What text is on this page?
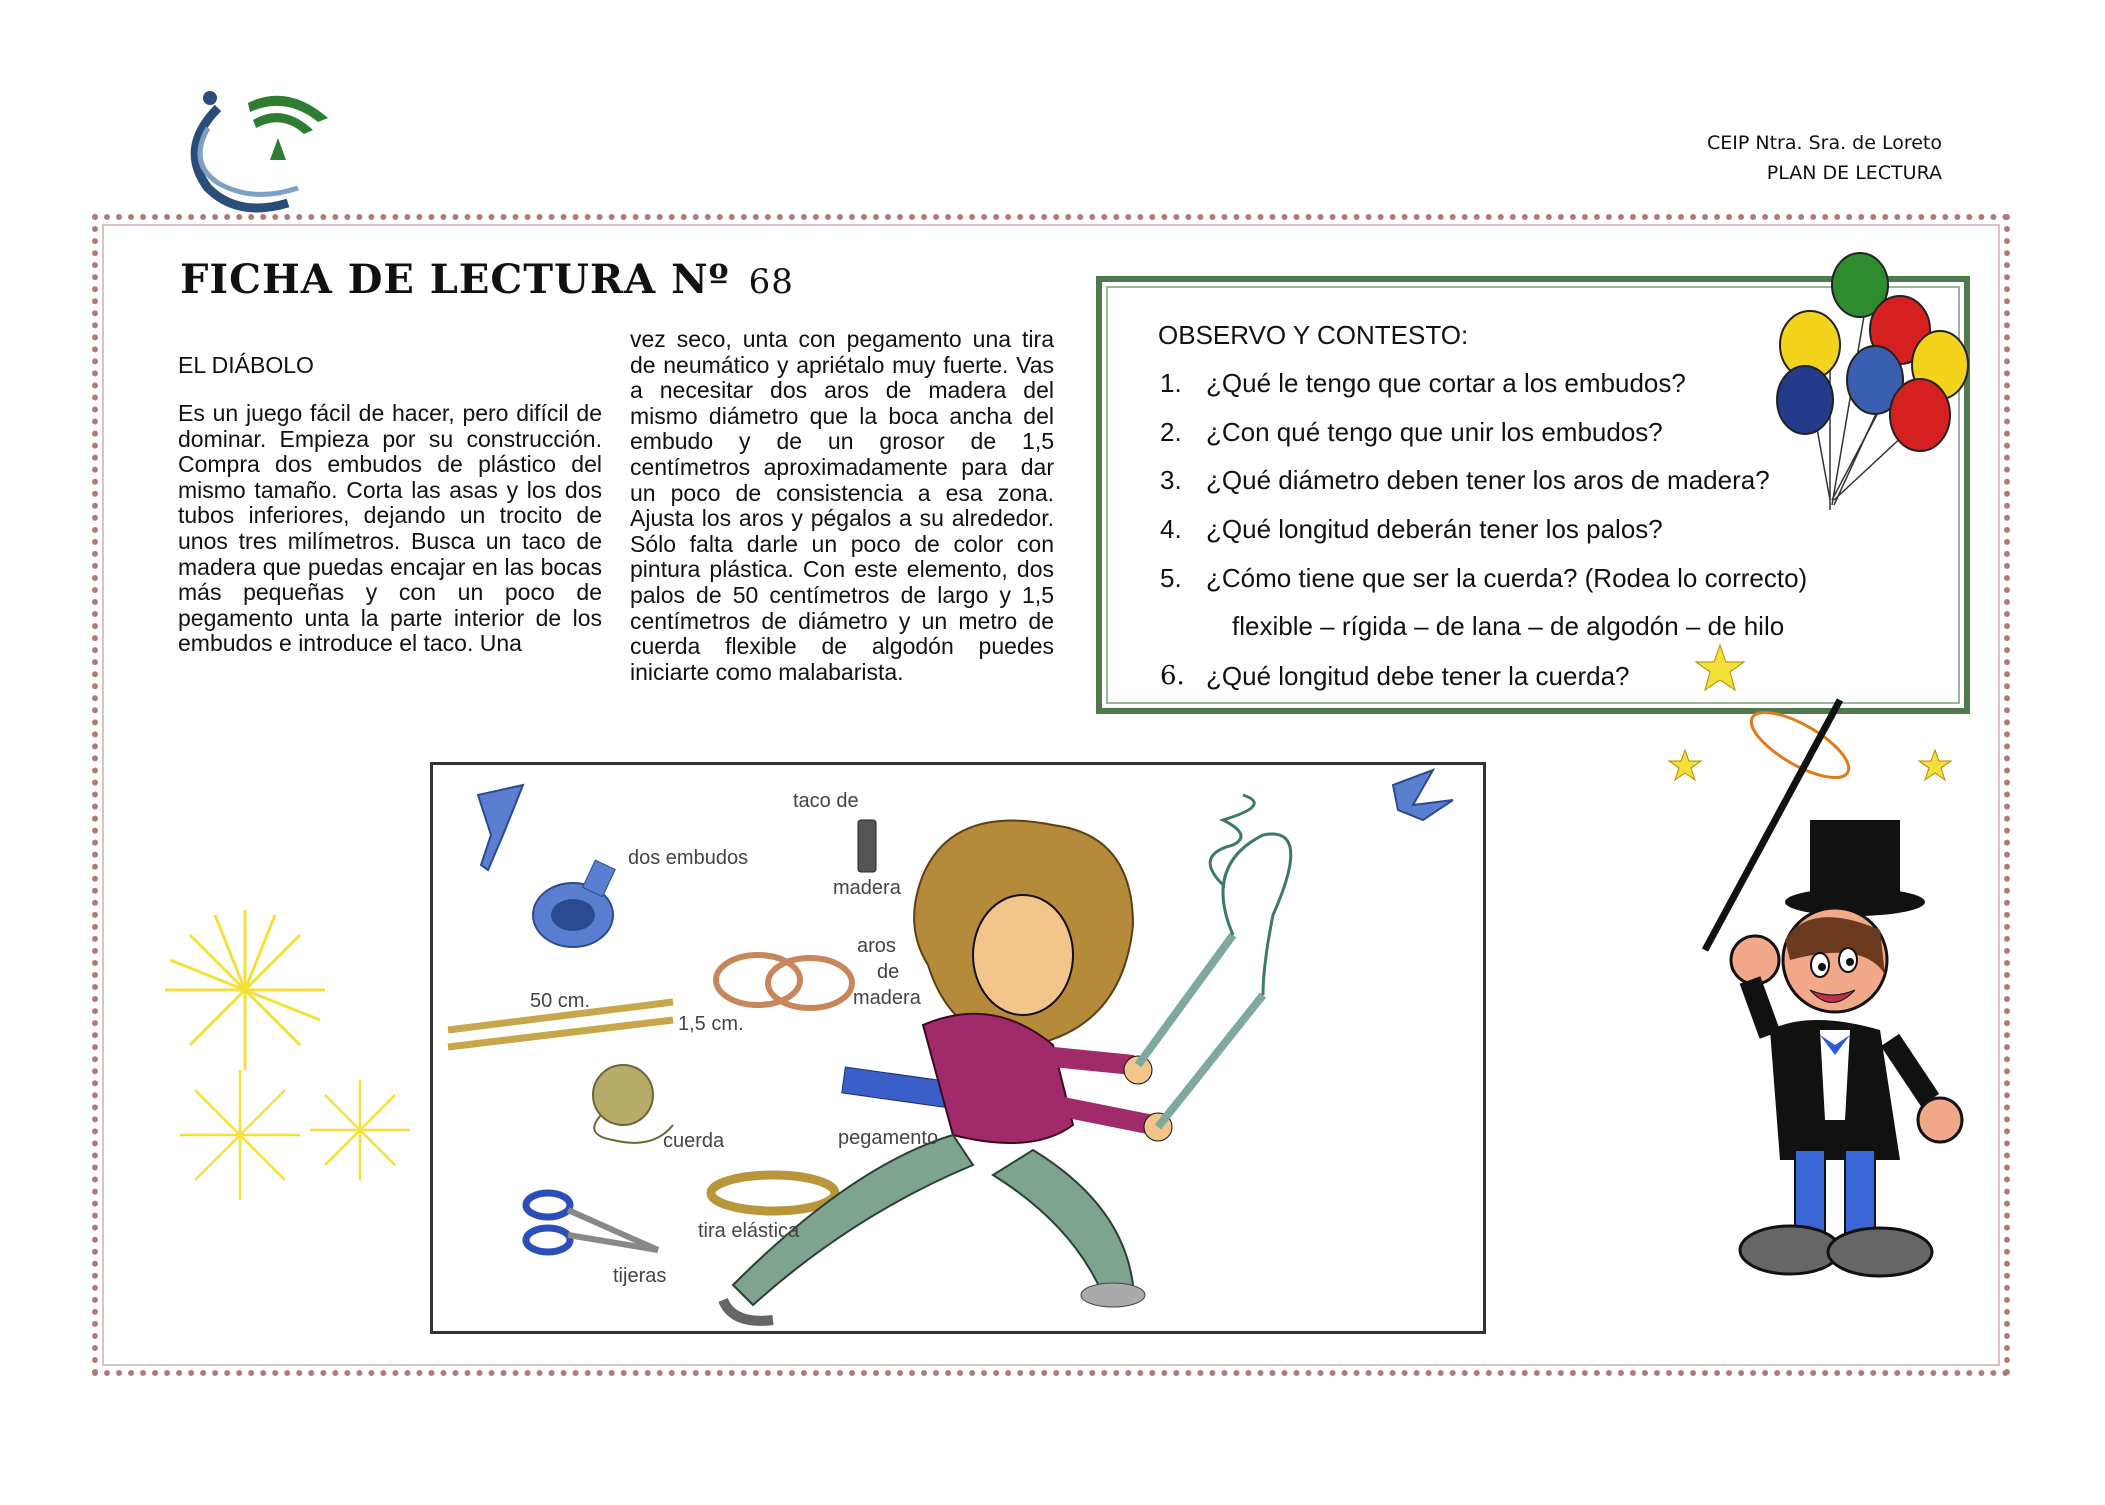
CEIP Ntra. Sra. de Loreto
PLAN DE LECTURA
FICHA DE LECTURA Nº 68
EL DIÁBOLO
Es un juego fácil de hacer, pero difícil de dominar. Empieza por su construcción. Compra dos embudos de plástico del mismo tamaño. Corta las asas y los dos tubos inferiores, dejando un trocito de unos tres milímetros. Busca un taco de madera que puedas encajar en las bocas más pequeñas y con un poco de pegamento unta la parte interior de los embudos e introduce el taco. Una
vez seco, unta con pegamento una tira de neumático y apriétalo muy fuerte. Vas a necesitar dos aros de madera del mismo diámetro que la boca ancha del embudo y de un grosor de 1,5 centímetros aproximadamente para dar un poco de consistencia a esa zona. Ajusta los aros y pégalos a su alrededor. Sólo falta darle un poco de color con pintura plástica. Con este elemento, dos palos de 50 centímetros de largo y 1,5 centímetros de diámetro y un metro de cuerda flexible de algodón puedes iniciarte como malabarista.
OBSERVO Y CONTESTO:
1. ¿Qué le tengo que cortar a los embudos?
2. ¿Con qué tengo que unir los embudos?
3. ¿Qué diámetro deben tener los aros de madera?
4. ¿Qué longitud deberán tener los palos?
5. ¿Cómo tiene que ser la cuerda? (Rodea lo correcto)
flexible – rígida – de lana – de algodón – de hilo
6. ¿Qué longitud debe tener la cuerda?
dos embudos
taco de
madera
aros
de
madera
50 cm.
1,5 cm.
cuerda	pegamento
tira elástica
tijeras
